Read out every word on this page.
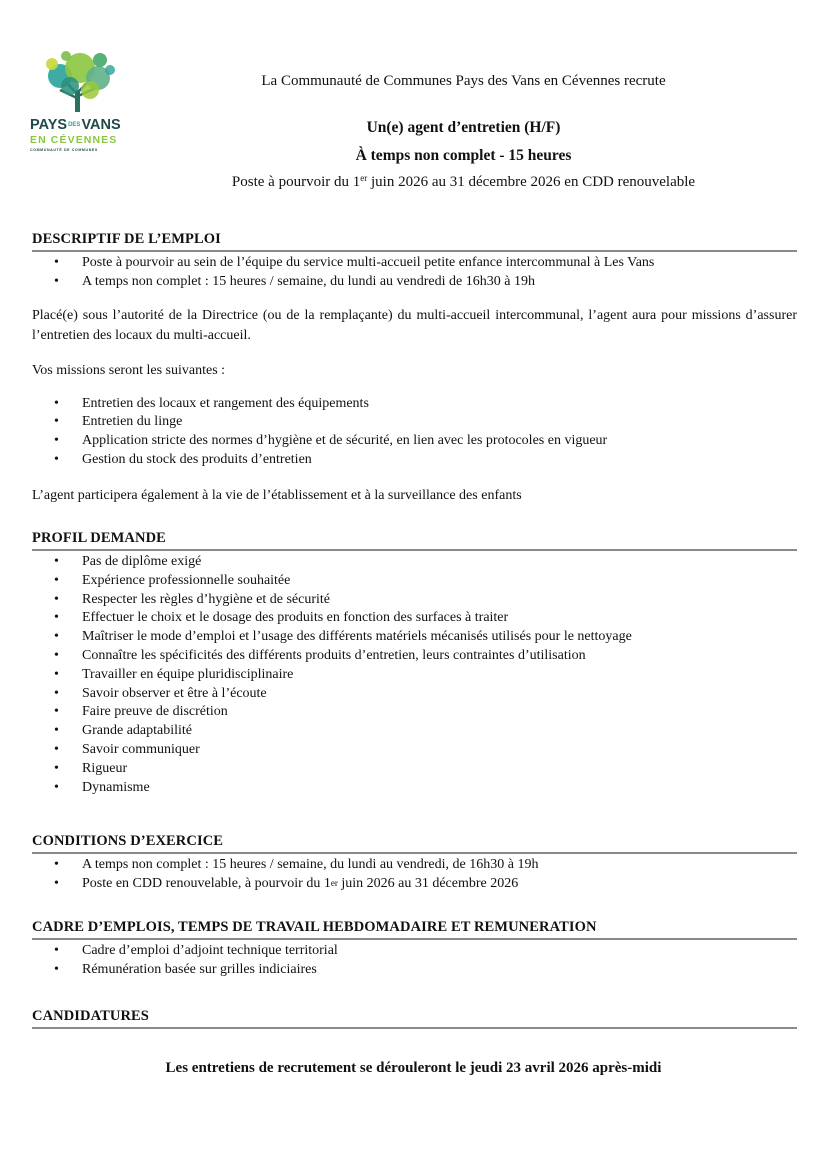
PAYSDESVANS
EN CÉVENNES
COMMUNAUTÉ DE COMMUNES
La Communauté de Communes Pays des Vans en Cévennes recrute
Un(e) agent d’entretien (H/F)
À temps non complet - 15 heures
Poste à pourvoir du 1er juin 2026 au 31 décembre 2026 en CDD renouvelable
DESCRIPTIF DE L’EMPLOI
• Poste à pourvoir au sein de l’équipe du service multi-accueil petite enfance intercommunal à Les Vans
• A temps non complet : 15 heures / semaine, du lundi au vendredi de 16h30 à 19h

Placé(e) sous l’autorité de la Directrice (ou de la remplaçante) du multi-accueil intercommunal, l’agent aura pour missions d’assurer l’entretien des locaux du multi-accueil.

Vos missions seront les suivantes :

• Entretien des locaux et rangement des équipements
• Entretien du linge
• Application stricte des normes d’hygiène et de sécurité, en lien avec les protocoles en vigueur
• Gestion du stock des produits d’entretien

L’agent participera également à la vie de l’établissement et à la surveillance des enfants

PROFIL DEMANDE
• Pas de diplôme exigé
• Expérience professionnelle souhaitée
• Respecter les règles d’hygiène et de sécurité
• Effectuer le choix et le dosage des produits en fonction des surfaces à traiter
• Maîtriser le mode d’emploi et l’usage des différents matériels mécanisés utilisés pour le nettoyage
• Connaître les spécificités des différents produits d’entretien, leurs contraintes d’utilisation
• Travailler en équipe pluridisciplinaire
• Savoir observer et être à l’écoute
• Faire preuve de discrétion
• Grande adaptabilité
• Savoir communiquer
• Rigueur
• Dynamisme
CONDITIONS D’EXERCICE
• A temps non complet : 15 heures / semaine, du lundi au vendredi, de 16h30 à 19h
• Poste en CDD renouvelable, à pourvoir du 1er juin 2026 au 31 décembre 2026
CADRE D’EMPLOIS, TEMPS DE TRAVAIL HEBDOMADAIRE ET REMUNERATION
• Cadre d’emploi d’adjoint technique territorial
• Rémunération basée sur grilles indiciaires
CANDIDATURES
Les entretiens de recrutement se dérouleront le jeudi 23 avril 2026 après-midi
